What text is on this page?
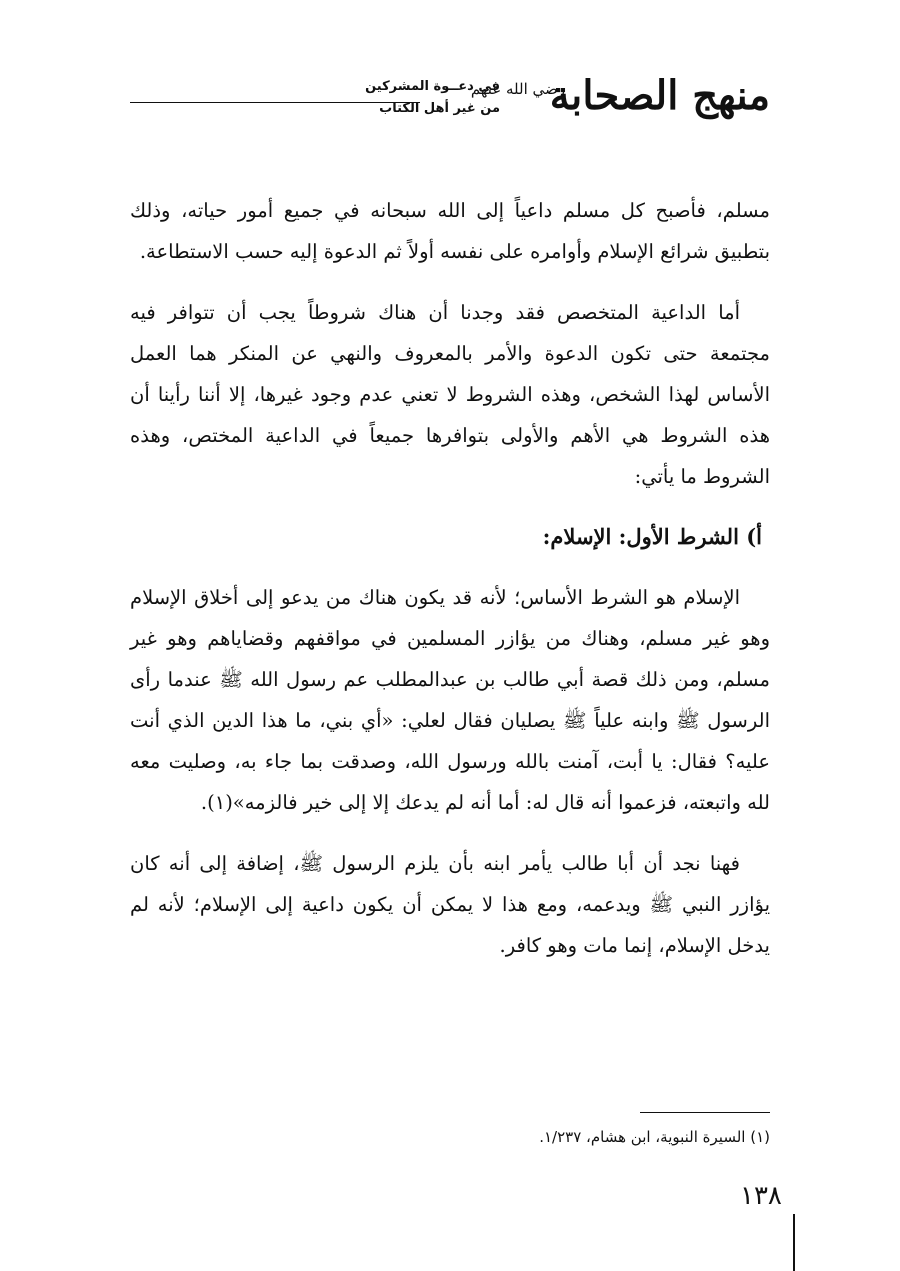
منهج الصحابة
رضي الله عنهم
في دعــوة المشركين
من غير أهل الكتاب

مسلم، فأصبح كل مسلم داعياً إلى الله سبحانه في جميع أمور حياته، وذلك بتطبيق شرائع الإسلام وأوامره على نفسه أولاً ثم الدعوة إليه حسب الاستطاعة.

أما الداعية المتخصص فقد وجدنا أن هناك شروطاً يجب أن تتوافر فيه مجتمعة حتى تكون الدعوة والأمر بالمعروف والنهي عن المنكر هما العمل الأساس لهذا الشخص، وهذه الشروط لا تعني عدم وجود غيرها، إلا أننا رأينا أن هذه الشروط هي الأهم والأولى بتوافرها جميعاً في الداعية المختص، وهذه الشروط ما يأتي:

أ) الشرط الأول: الإسلام:

الإسلام هو الشرط الأساس؛ لأنه قد يكون هناك من يدعو إلى أخلاق الإسلام وهو غير مسلم، وهناك من يؤازر المسلمين في مواقفهم وقضاياهم وهو غير مسلم، ومن ذلك قصة أبي طالب بن عبدالمطلب عم رسول الله ﷺ عندما رأى الرسول ﷺ وابنه علياً ﷺ يصليان فقال لعلي: «أي بني، ما هذا الدين الذي أنت عليه؟ فقال: يا أبت، آمنت بالله ورسول الله، وصدقت بما جاء به، وصليت معه لله واتبعته، فزعموا أنه قال له: أما أنه لم يدعك إلا إلى خير فالزمه»(١).

فهنا نجد أن أبا طالب يأمر ابنه بأن يلزم الرسول ﷺ، إضافة إلى أنه كان يؤازر النبي ﷺ ويدعمه، ومع هذا لا يمكن أن يكون داعية إلى الإسلام؛ لأنه لم يدخل الإسلام، إنما مات وهو كافر.

(١) السيرة النبوية، ابن هشام، ١/٢٣٧.
١٣٨
